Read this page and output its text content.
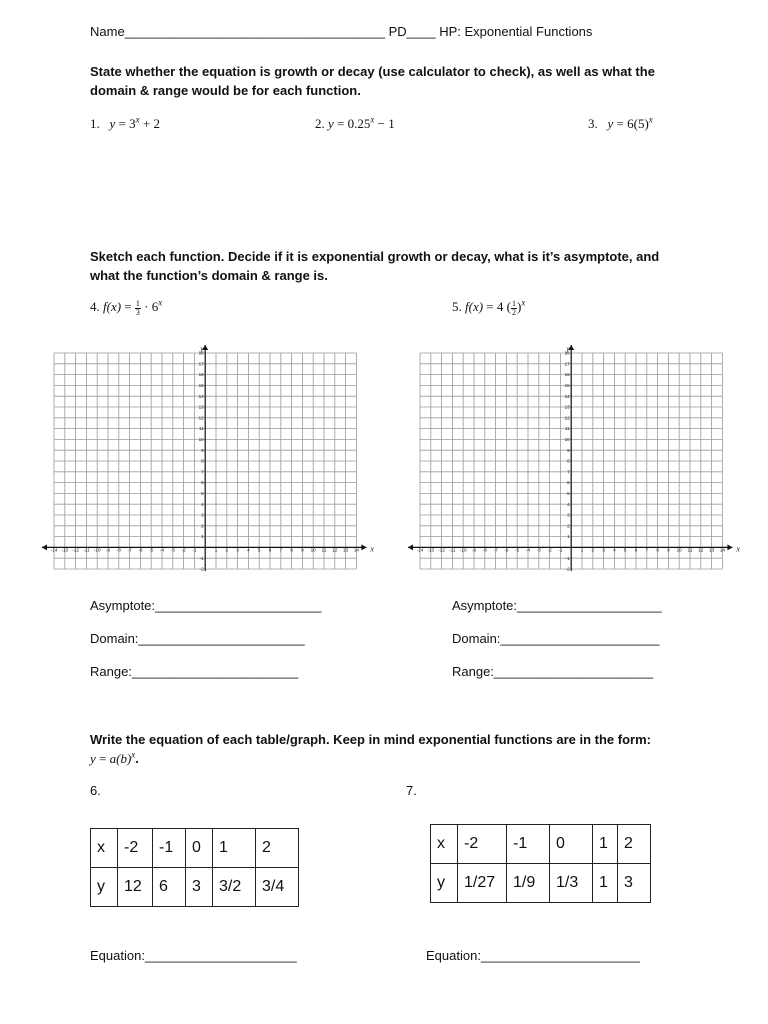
Name____________________________________ PD____ HP: Exponential Functions
State whether the equation is growth or decay (use calculator to check), as well as what the domain & range would be for each function.
1. $y = 3^x + 2$	2. $y = 0.25^x - 1$	3. $y = 6(5)^x$
Sketch each function. Decide if it is exponential growth or decay, what is it’s asymptote, and what the function’s domain & range is.
4. $f(x) = \frac{1}{3} \cdot 6^x$	5. f(x) = 4 ( $\frac{1}{2} )^x$
-14 -13 -12 -11 -10 -9 -8 -7 -6 -5 -4 -3 -2 -1	1 2 3 4 5 6 7 8 9 10 11 12 13 14
18
17
16
15
14
13
12
11
10
9
8
7
6
5
4
3
2
1
-1
-2
x
y
-14 -13 -12 -11 -10 -9 -8 -7 -6 -5 -4 -3 -2 -1	1 2 3 4 5 6 7 8 9 10 11 12 13 14
18
17
16
15
14
13
12
11
10
9
8
7
6
5
4
3
2
1
-1
-2
x
y
Asymptote:_______________________
Domain:_______________________
Range:_______________________
Asymptote:____________________
Domain:______________________
Range:______________________
Write the equation of each table/graph. Keep in mind exponential functions are in the form: $y = a(b)^x$.
6.	7.
x	-2	-1	0	1	2
y	12	6	3	3/2	3/4
x	-2	-1	0	1	2
y	1/27	1/9	1/3	1	3
Equation:_____________________	Equation:______________________
